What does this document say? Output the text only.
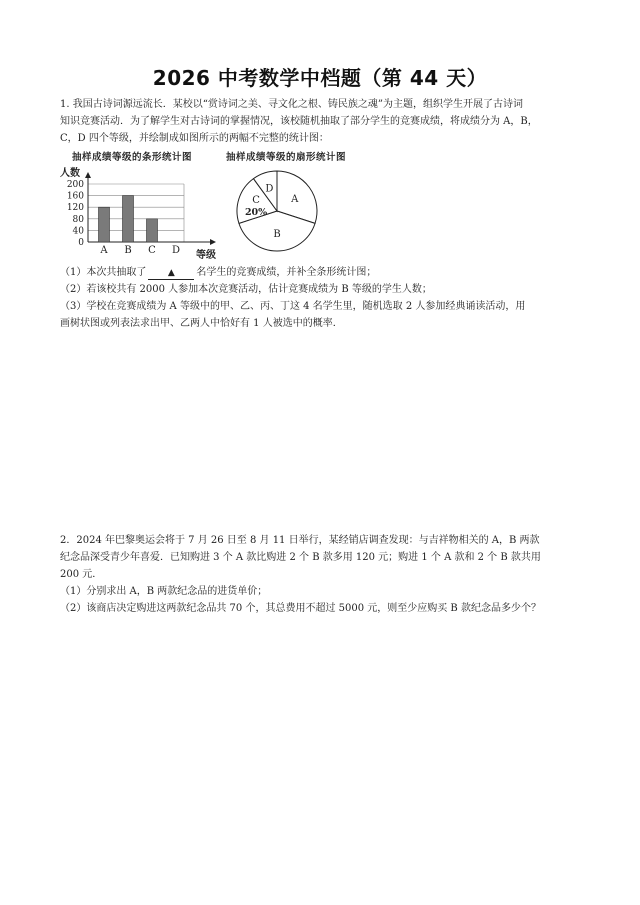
2026 中考数学中档题（第 44 天）
1. 我国古诗词源远流长．某校以“赏诗词之美、寻文化之根、铸民族之魂”为主题，组织学生开展了古诗词
知识竞赛活动．为了解学生对古诗词的掌握情况，该校随机抽取了部分学生的竞赛成绩，将成绩分为 A，B，
C，D 四个等级，并绘制成如图所示的两幅不完整的统计图：
抽样成绩等级的条形统计图	抽样成绩等级的扇形统计图
0
40
80
120
160
200
人数
等级
A B C D
A
B
C
20%
D
（1）本次共抽取了 ▲ 名学生的竞赛成绩，并补全条形统计图；
（2）若该校共有 2000 人参加本次竞赛活动，估计竞赛成绩为 B 等级的学生人数；
（3）学校在竞赛成绩为 A 等级中的甲、乙、丙、丁这 4 名学生里，随机选取 2 人参加经典诵读活动，用
画树状图或列表法求出甲、乙两人中恰好有 1 人被选中的概率．
2．2024 年巴黎奥运会将于 7 月 26 日至 8 月 11 日举行，某经销店调查发现：与吉祥物相关的 A，B 两款
纪念品深受青少年喜爱．已知购进 3 个 A 款比购进 2 个 B 款多用 120 元；购进 1 个 A 款和 2 个 B 款共用
200 元．
（1）分别求出 A，B 两款纪念品的进货单价；
（2）该商店决定购进这两款纪念品共 70 个，其总费用不超过 5000 元，则至少应购买 B 款纪念品多少个？
